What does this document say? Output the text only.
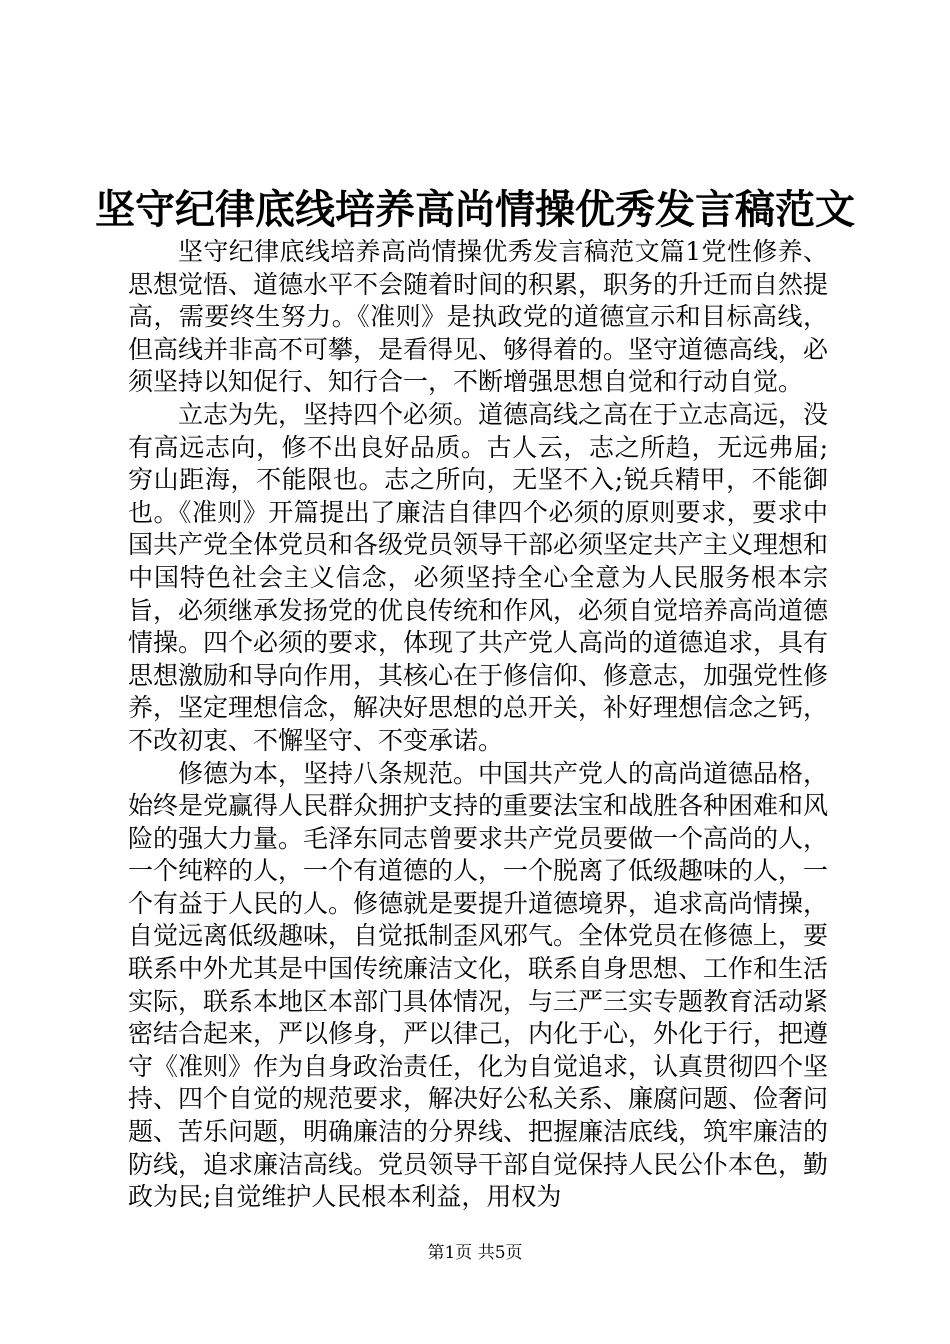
坚守纪律底线培养高尚情操优秀发言稿范文

坚守纪律底线培养高尚情操优秀发言稿范文篇1党性修养、思想觉悟、道德水平不会随着时间的积累，职务的升迁而自然提高，需要终生努力。《准则》是执政党的道德宣示和目标高线，但高线并非高不可攀，是看得见、够得着的。坚守道德高线，必须坚持以知促行、知行合一，不断增强思想自觉和行动自觉。

立志为先，坚持四个必须。道德高线之高在于立志高远，没有高远志向，修不出良好品质。古人云，志之所趋，无远弗届;穷山距海，不能限也。志之所向，无坚不入;锐兵精甲，不能御也。《准则》开篇提出了廉洁自律四个必须的原则要求，要求中国共产党全体党员和各级党员领导干部必须坚定共产主义理想和中国特色社会主义信念，必须坚持全心全意为人民服务根本宗旨，必须继承发扬党的优良传统和作风，必须自觉培养高尚道德情操。四个必须的要求，体现了共产党人高尚的道德追求，具有思想激励和导向作用，其核心在于修信仰、修意志，加强党性修养，坚定理想信念，解决好思想的总开关，补好理想信念之钙，不改初衷、不懈坚守、不变承诺。

修德为本，坚持八条规范。中国共产党人的高尚道德品格，始终是党赢得人民群众拥护支持的重要法宝和战胜各种困难和风险的强大力量。毛泽东同志曾要求共产党员要做一个高尚的人，一个纯粹的人，一个有道德的人，一个脱离了低级趣味的人，一个有益于人民的人。修德就是要提升道德境界，追求高尚情操，自觉远离低级趣味，自觉抵制歪风邪气。全体党员在修德上，要联系中外尤其是中国传统廉洁文化，联系自身思想、工作和生活实际，联系本地区本部门具体情况，与三严三实专题教育活动紧密结合起来，严以修身，严以律己，内化于心，外化于行，把遵守《准则》作为自身政治责任，化为自觉追求，认真贯彻四个坚持、四个自觉的规范要求，解决好公私关系、廉腐问题、俭奢问题、苦乐问题，明确廉洁的分界线、把握廉洁底线，筑牢廉洁的防线，追求廉洁高线。党员领导干部自觉保持人民公仆本色，勤政为民;自觉维护人民根本利益，用权为

第1页 共5页
